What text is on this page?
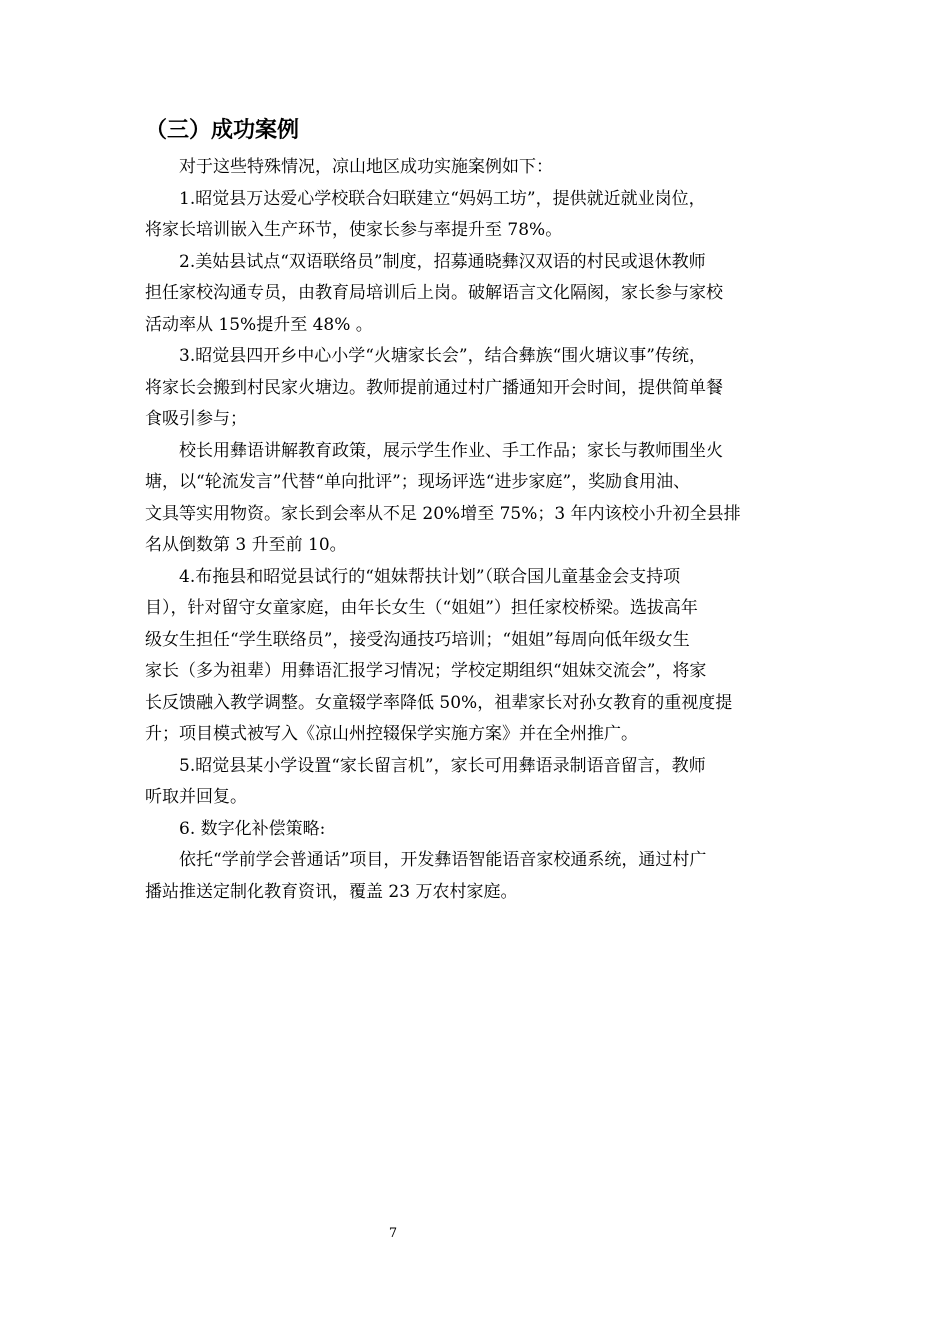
（三）成功案例
对于这些特殊情况，凉山地区成功实施案例如下：
1.昭觉县万达爱心学校联合妇联建立“妈妈工坊”，提供就近就业岗位，
将家长培训嵌入生产环节，使家长参与率提升至 78%。
2.美姑县试点“双语联络员”制度，招募通晓彝汉双语的村民或退休教师
担任家校沟通专员，由教育局培训后上岗。破解语言文化隔阂，家长参与家校
活动率从 15%提升至 48% 。
3.昭觉县四开乡中心小学“火塘家长会”，结合彝族“围火塘议事”传统，
将家长会搬到村民家火塘边。教师提前通过村广播通知开会时间，提供简单餐
食吸引参与；
校长用彝语讲解教育政策，展示学生作业、手工作品；家长与教师围坐火
塘，以“轮流发言”代替“单向批评”；现场评选“进步家庭”，奖励食用油、
文具等实用物资。家长到会率从不足 20%增至 75%；3 年内该校小升初全县排
名从倒数第 3 升至前 10。
4.布拖县和昭觉县试行的“姐妹帮扶计划”（联合国儿童基金会支持项
目），针对留守女童家庭，由年长女生（“姐姐”）担任家校桥梁。选拔高年
级女生担任“学生联络员”，接受沟通技巧培训；“姐姐”每周向低年级女生
家长（多为祖辈）用彝语汇报学习情况；学校定期组织“姐妹交流会”，将家
长反馈融入教学调整。女童辍学率降低 50%，祖辈家长对孙女教育的重视度提
升；项目模式被写入《凉山州控辍保学实施方案》并在全州推广。
5.昭觉县某小学设置“家长留言机”，家长可用彝语录制语音留言，教师
听取并回复。
6. 数字化补偿策略:
依托“学前学会普通话”项目，开发彝语智能语音家校通系统，通过村广
播站推送定制化教育资讯，覆盖 23 万农村家庭。
7
